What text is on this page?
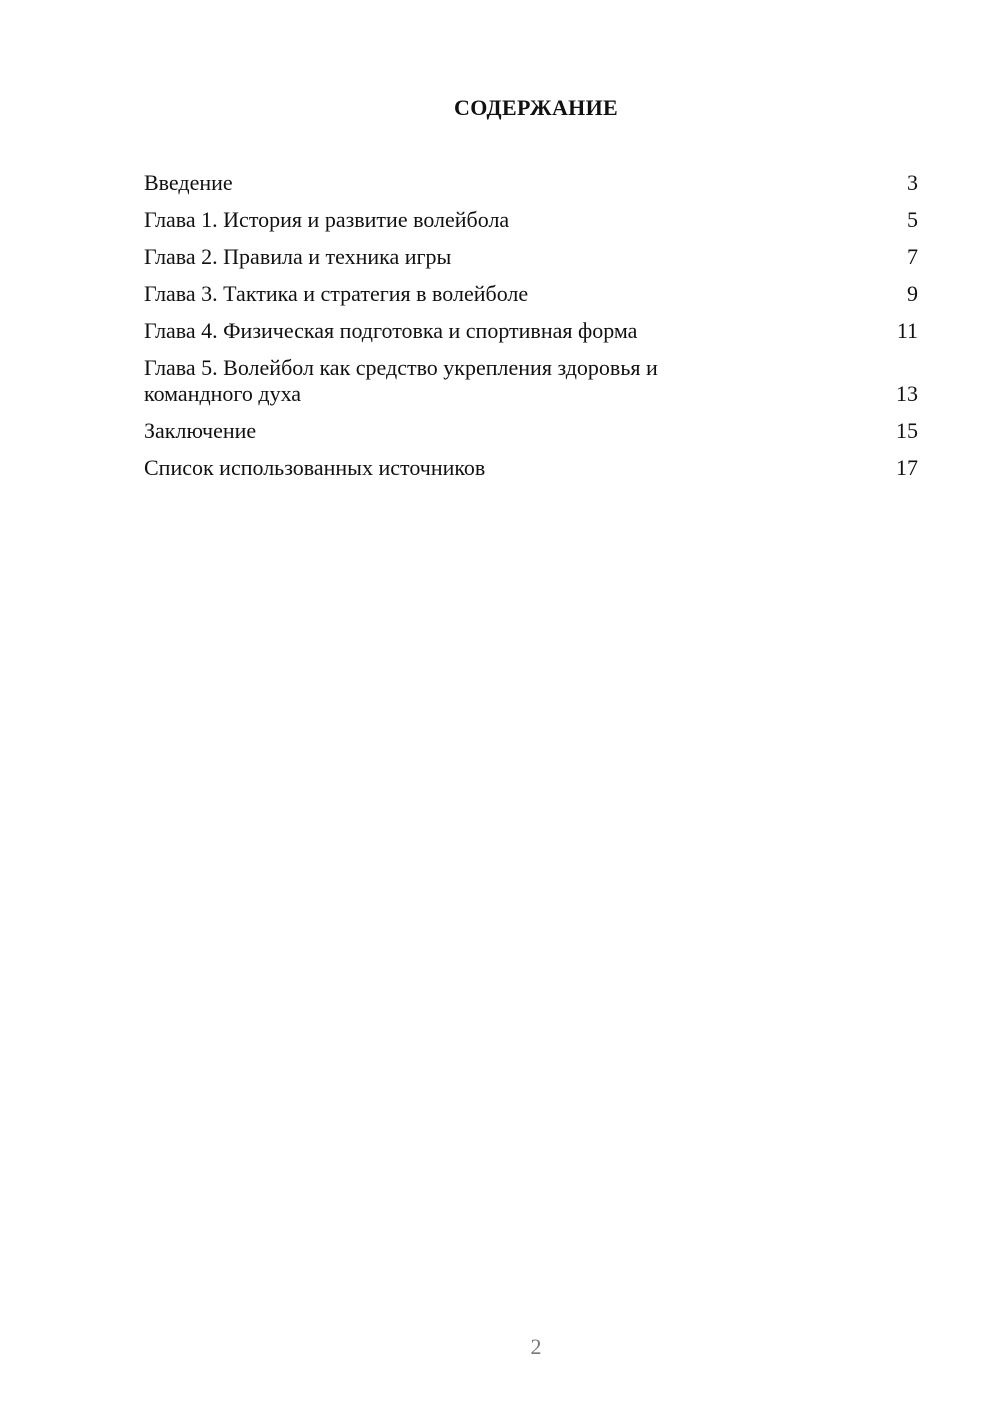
СОДЕРЖАНИЕ
Введение	3
Глава 1. История и развитие волейбола	5
Глава 2. Правила и техника игры	7
Глава 3. Тактика и стратегия в волейболе	9
Глава 4. Физическая подготовка и спортивная форма	11
Глава 5. Волейбол как средство укрепления здоровья и командного духа	13
Заключение	15
Список использованных источников	17
2
